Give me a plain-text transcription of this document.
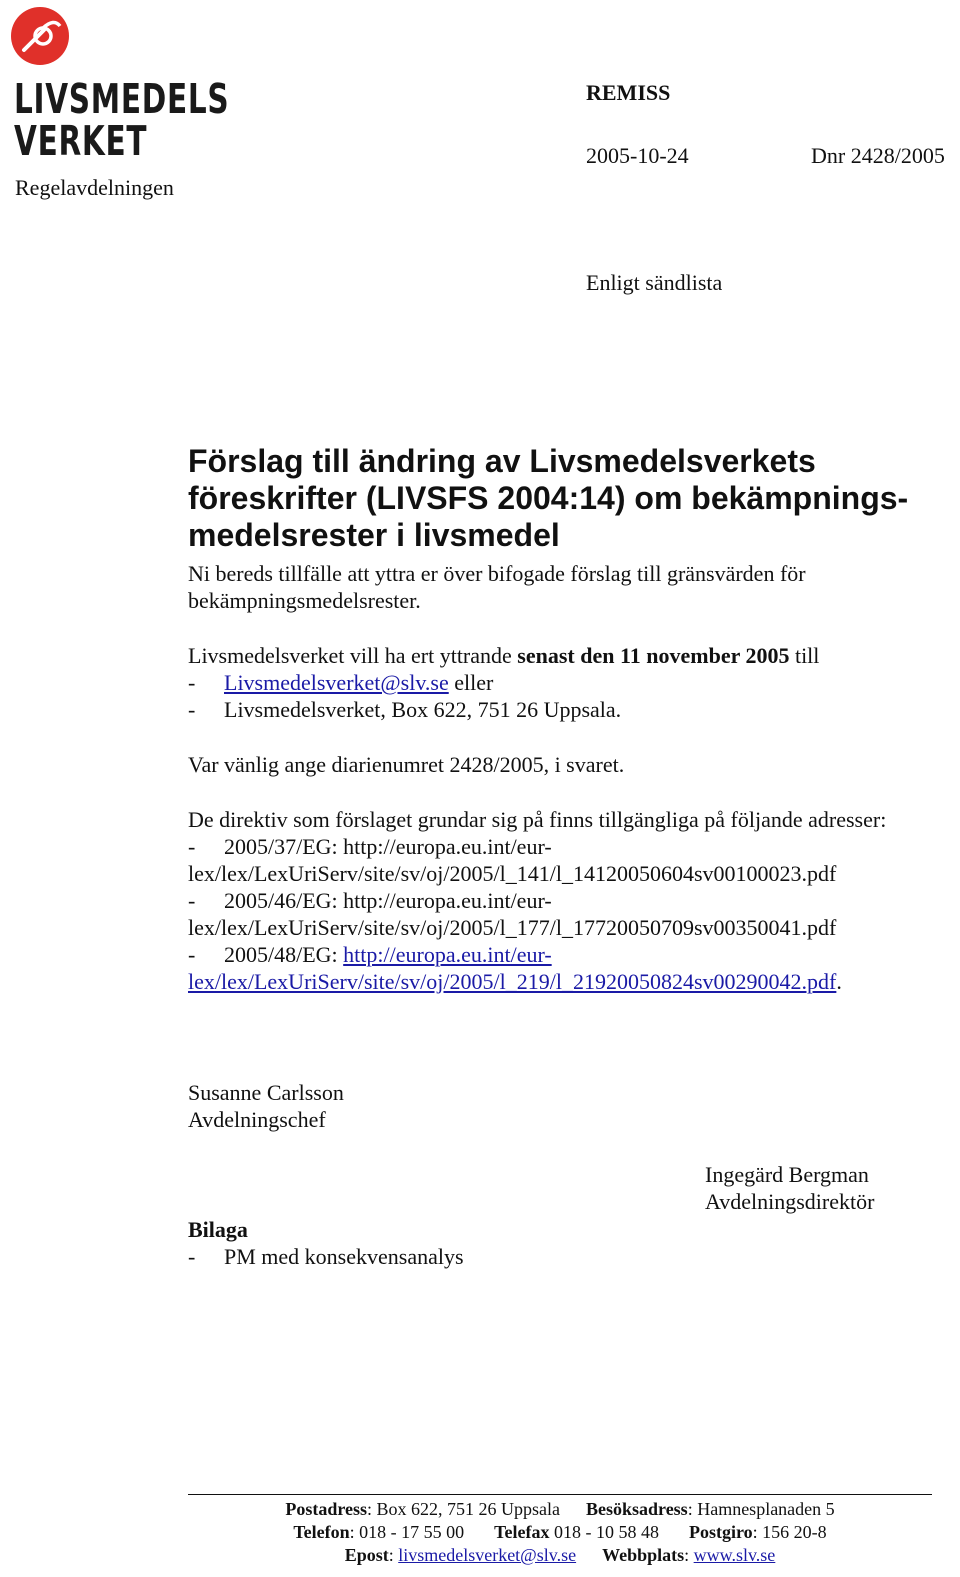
LIVSMEDELS
VERKET
Regelavdelningen
REMISS
2005-10-24	Dnr 2428/2005
Enligt sändlista
Förslag till ändring av Livsmedelsverkets
föreskrifter (LIVSFS 2004:14) om bekämpnings-
medelsrester i livsmedel
Ni bereds tillfälle att yttra er över bifogade förslag till gränsvärden för
bekämpningsmedelsrester.
Livsmedelsverket vill ha ert yttrande senast den 11 november 2005 till
- Livsmedelsverket@slv.se eller
- Livsmedelsverket, Box 622, 751 26 Uppsala.
Var vänlig ange diarienumret 2428/2005, i svaret.
De direktiv som förslaget grundar sig på finns tillgängliga på följande adresser:
- 2005/37/EG: http://europa.eu.int/eur-
lex/lex/LexUriServ/site/sv/oj/2005/l_141/l_14120050604sv00100023.pdf
- 2005/46/EG: http://europa.eu.int/eur-
lex/lex/LexUriServ/site/sv/oj/2005/l_177/l_17720050709sv00350041.pdf
- 2005/48/EG: http://europa.eu.int/eur-
lex/lex/LexUriServ/site/sv/oj/2005/l_219/l_21920050824sv00290042.pdf.
Susanne Carlsson
Avdelningschef
Ingegärd Bergman
Avdelningsdirektör
Bilaga
- PM med konsekvensanalys
Postadress: Box 622, 751 26 Uppsala Besöksadress: Hamnesplanaden 5
Telefon: 018 - 17 55 00 Telefax 018 - 10 58 48 Postgiro: 156 20-8
Epost: livsmedelsverket@slv.se Webbplats: www.slv.se
